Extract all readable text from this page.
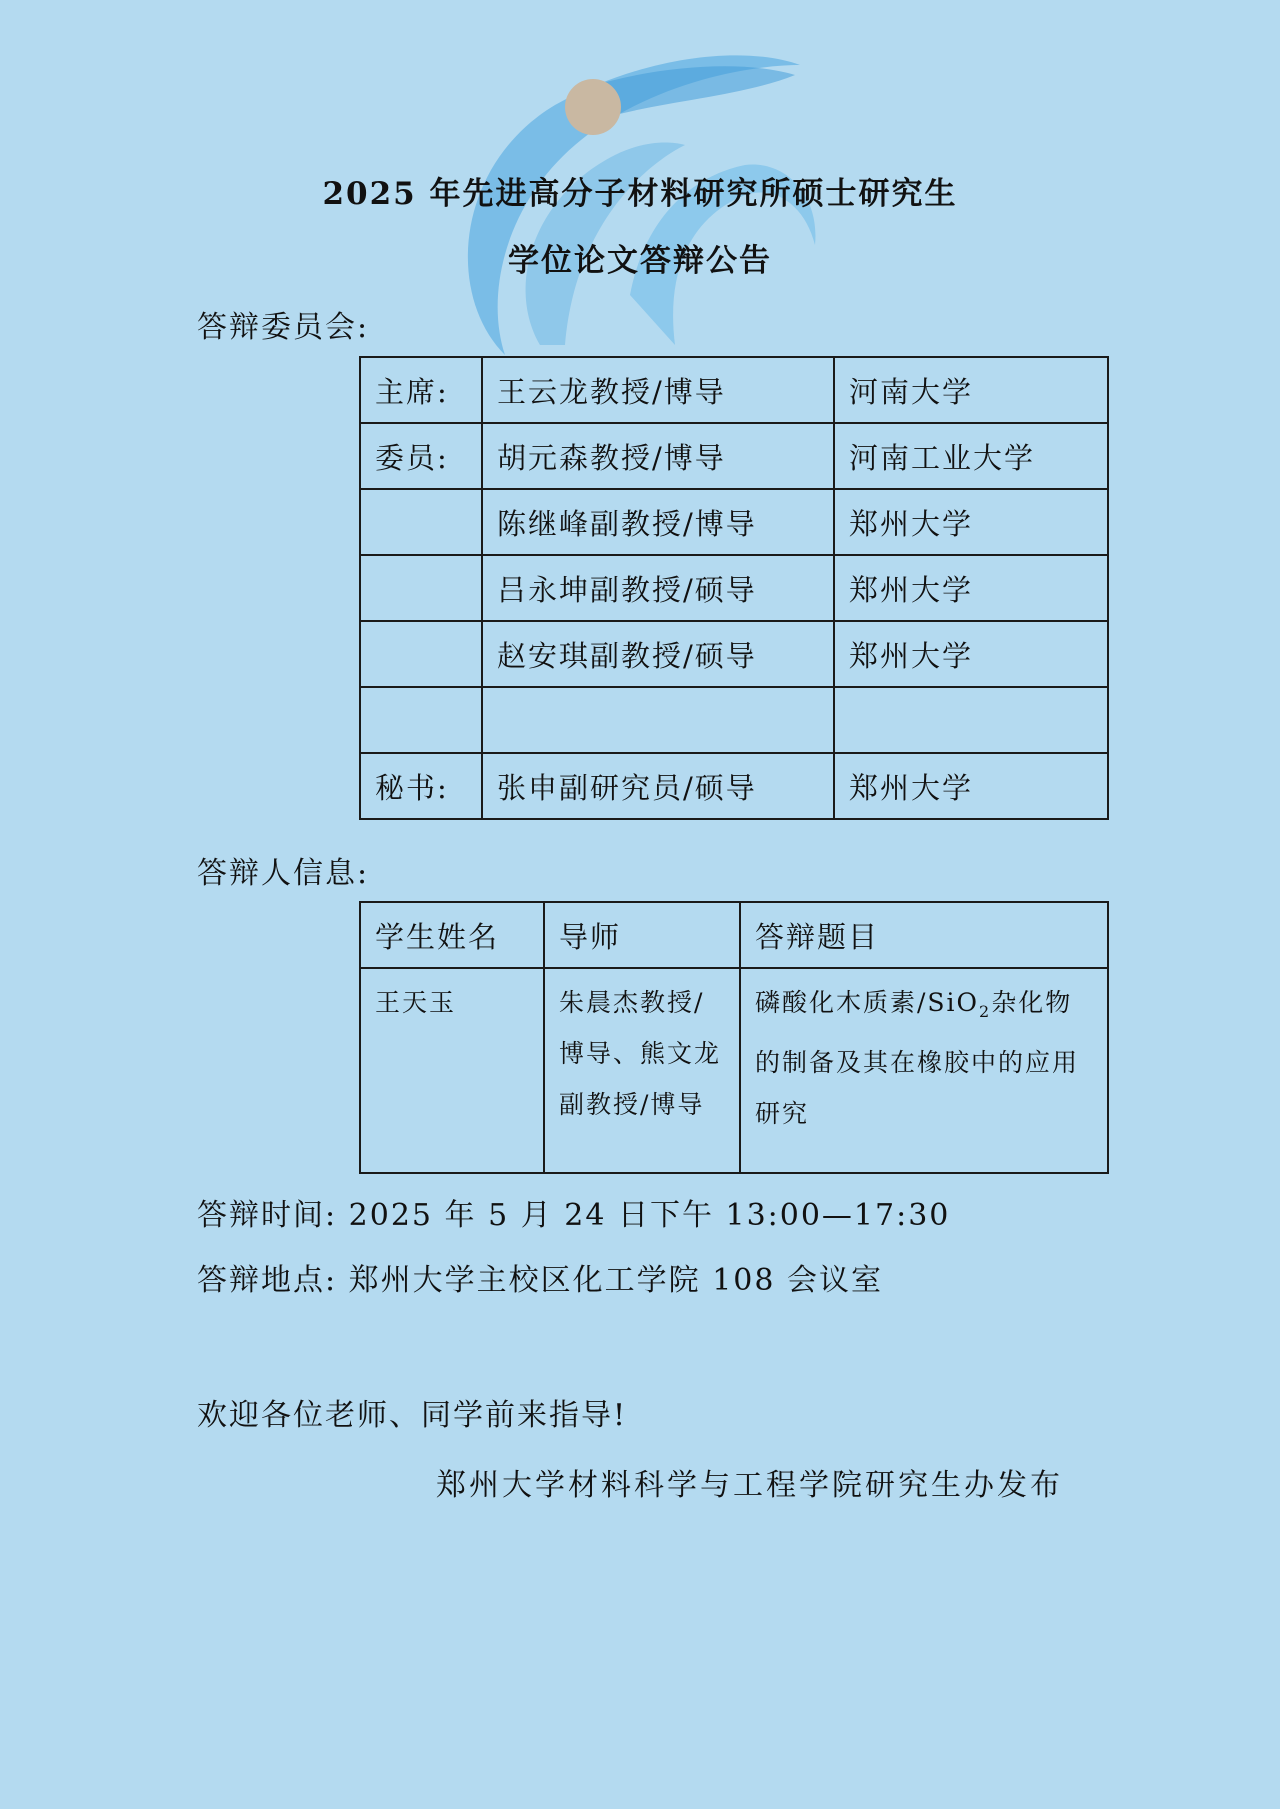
2025 年先进高分子材料研究所硕士研究生
学位论文答辩公告
答辩委员会:
主席:	王云龙教授/博导	河南大学
委员:	胡元森教授/博导	河南工业大学
	陈继峰副教授/博导	郑州大学
	吕永坤副教授/硕导	郑州大学
	赵安琪副教授/硕导	郑州大学

秘书:	张申副研究员/硕导	郑州大学
答辩人信息:
学生姓名	导师	答辩题目
王天玉	朱晨杰教授/博导、熊文龙副教授/博导	磷酸化木质素/SiO$_2$杂化物的制备及其在橡胶中的应用研究
答辩时间: 2025 年 5 月 24 日下午 13:00—17:30
答辩地点: 郑州大学主校区化工学院 108 会议室
欢迎各位老师、同学前来指导!
郑州大学材料科学与工程学院研究生办发布
